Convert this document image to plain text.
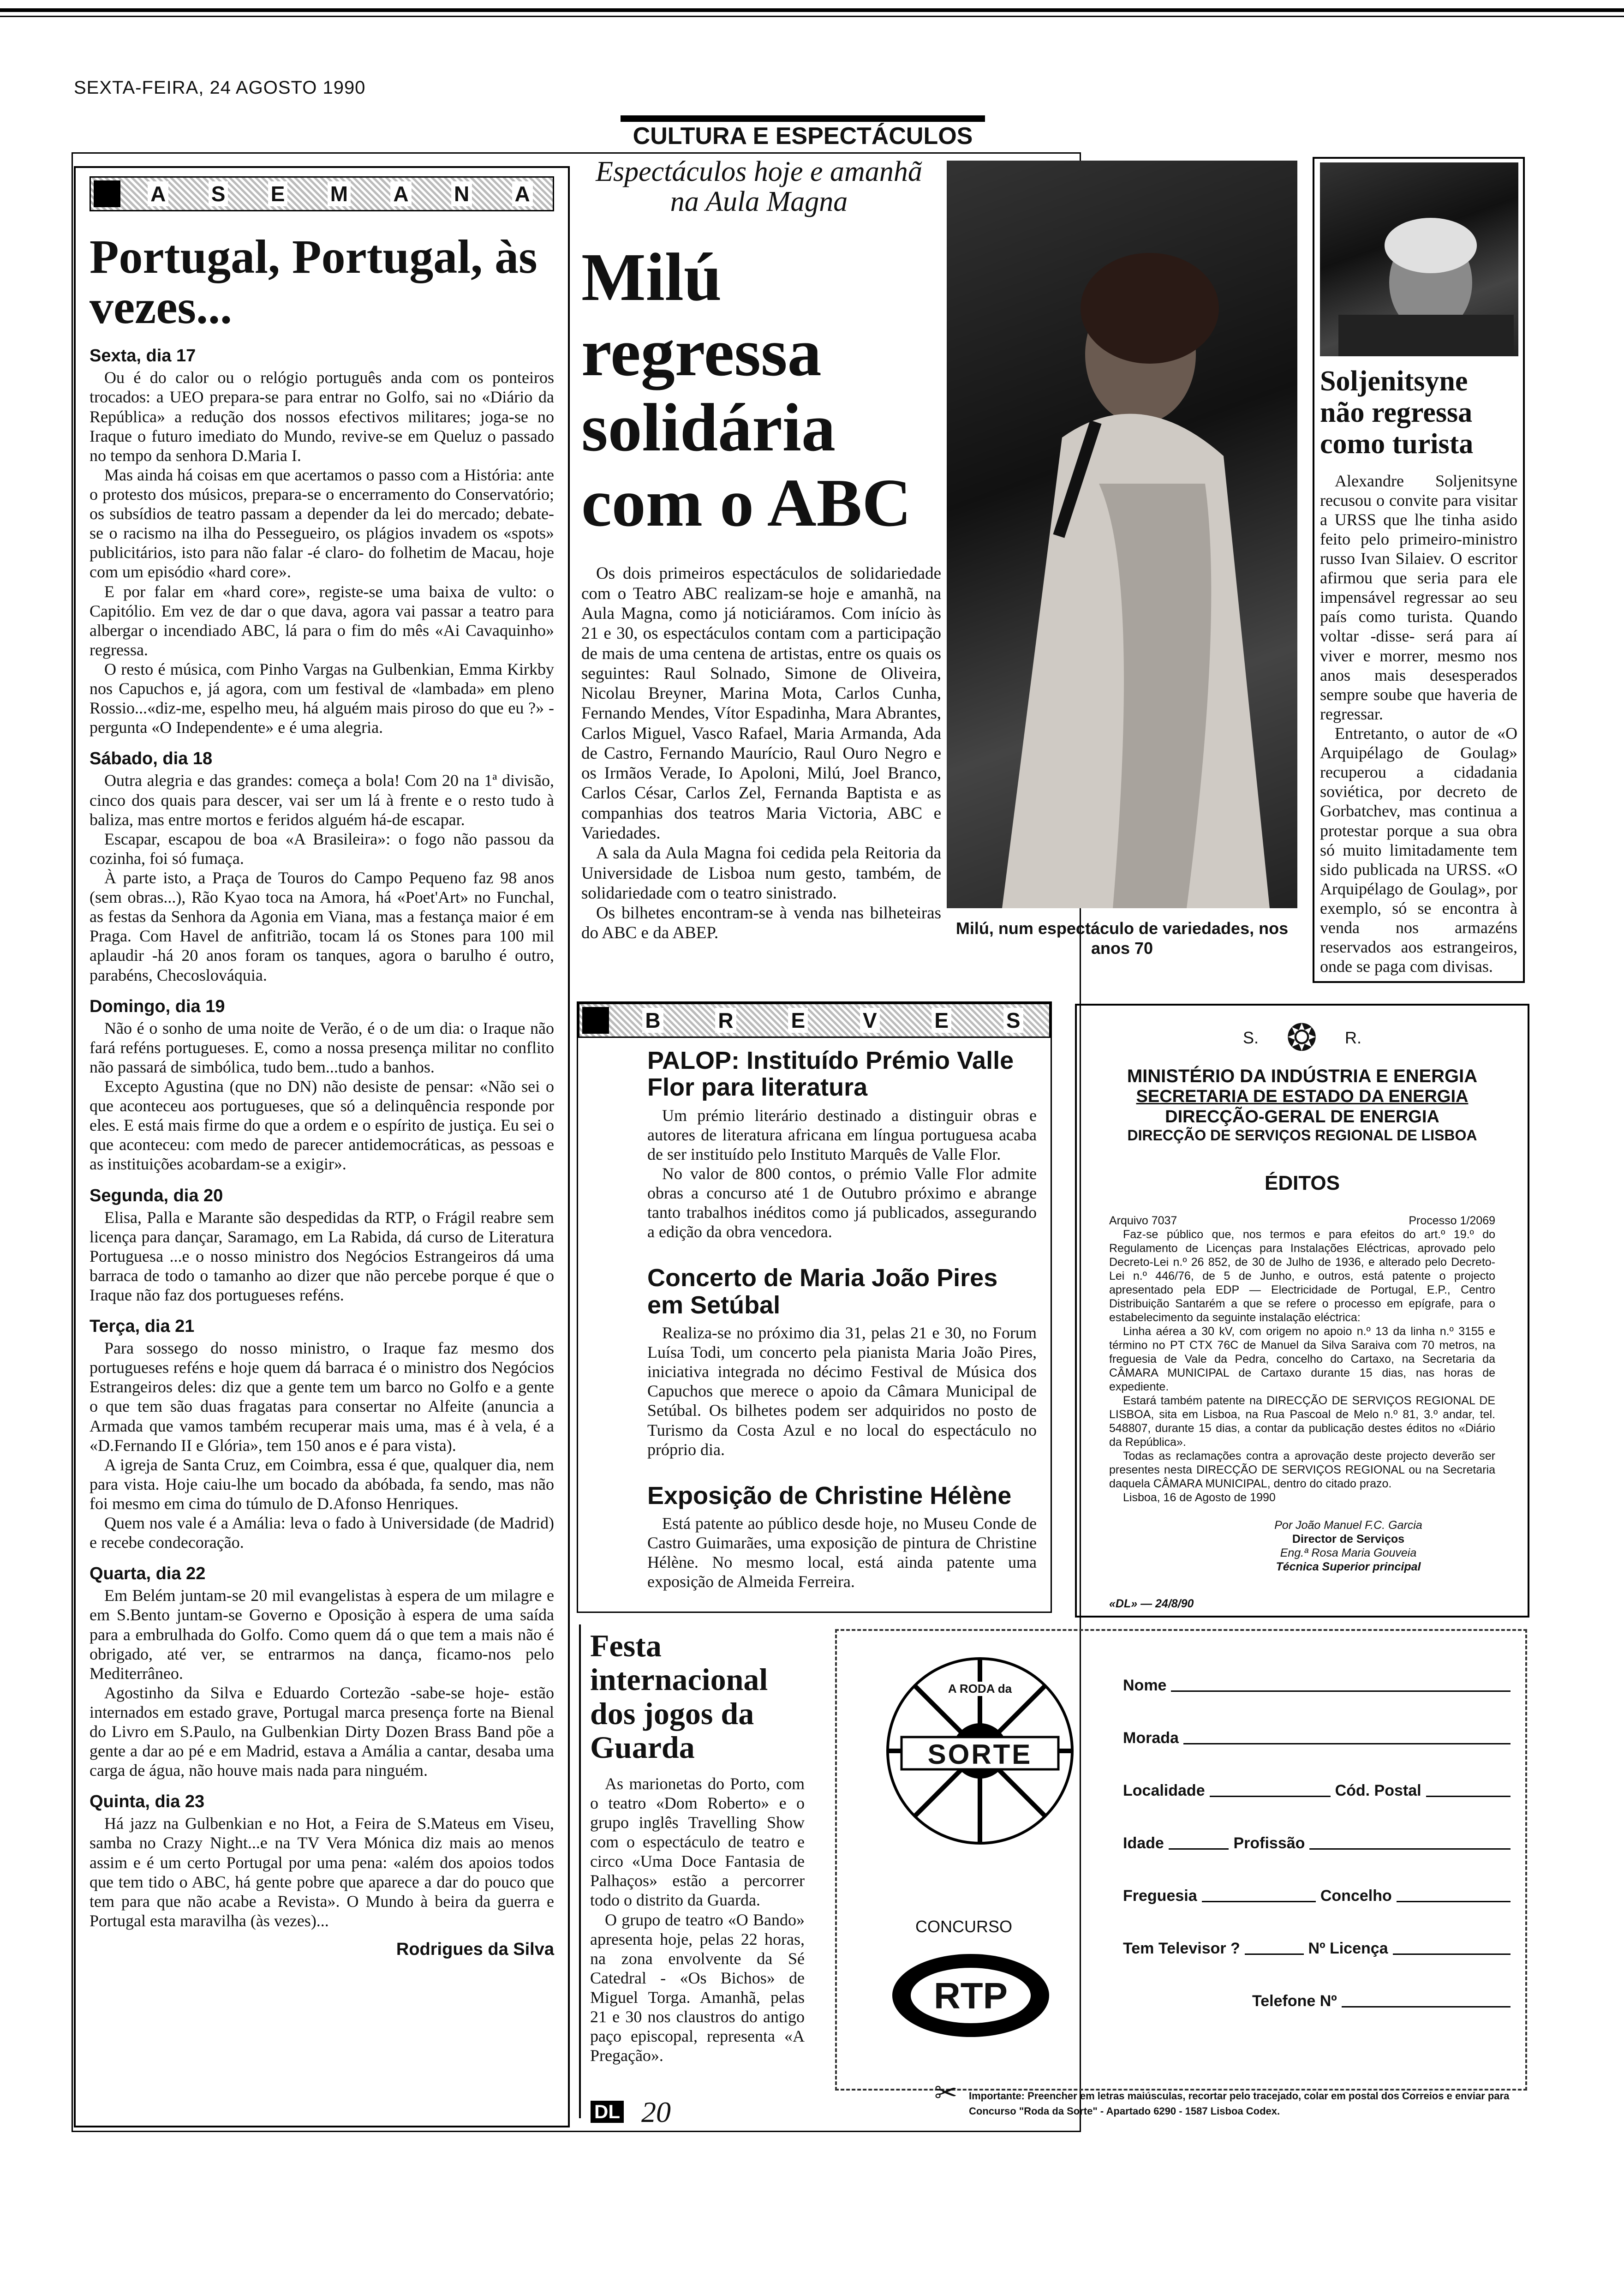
SEXTA-FEIRA, 24 AGOSTO 1990
CULTURA E ESPECTÁCULOS
A S E M A N A
Portugal, Portugal, às vezes...
Sexta, dia 17

Ou é do calor ou o relógio português anda com os ponteiros trocados: a UEO prepara-se para entrar no Golfo, sai no «Diário da República» a redução dos nossos efectivos militares; joga-se no Iraque o futuro imediato do Mundo, revive-se em Queluz o passado no tempo da senhora D.Maria I.

Mas ainda há coisas em que acertamos o passo com a História: ante o protesto dos músicos, prepara-se o encerramento do Conservatório; os subsídios de teatro passam a depender da lei do mercado; debate-se o racismo na ilha do Pessegueiro, os plágios invadem os «spots» publicitários, isto para não falar -é claro- do folhetim de Macau, hoje com um episódio «hard core».

E por falar em «hard core», registe-se uma baixa de vulto: o Capitólio. Em vez de dar o que dava, agora vai passar a teatro para albergar o incendiado ABC, lá para o fim do mês «Ai Cavaquinho» regressa.

O resto é música, com Pinho Vargas na Gulbenkian, Emma Kirkby nos Capuchos e, já agora, com um festival de «lambada» em pleno Rossio...«diz-me, espelho meu, há alguém mais piroso do que eu ?» -pergunta «O Independente» e é uma alegria.

Sábado, dia 18

Outra alegria e das grandes: começa a bola! Com 20 na 1ª divisão, cinco dos quais para descer, vai ser um lá à frente e o resto tudo à baliza, mas entre mortos e feridos alguém há-de escapar.

Escapar, escapou de boa «A Brasileira»: o fogo não passou da cozinha, foi só fumaça.

À parte isto, a Praça de Touros do Campo Pequeno faz 98 anos (sem obras...), Rão Kyao toca na Amora, há «Poet'Art» no Funchal, as festas da Senhora da Agonia em Viana, mas a festança maior é em Praga. Com Havel de anfitrião, tocam lá os Stones para 100 mil aplaudir -há 20 anos foram os tanques, agora o barulho é outro, parabéns, Checoslováquia.

Domingo, dia 19

Não é o sonho de uma noite de Verão, é o de um dia: o Iraque não fará reféns portugueses. E, como a nossa presença militar no conflito não passará de simbólica, tudo bem...tudo a banhos.

Excepto Agustina (que no DN) não desiste de pensar: «Não sei o que aconteceu aos portugueses, que só a delinquência responde por eles. E está mais firme do que a ordem e o espírito de justiça. Eu sei o que aconteceu: com medo de parecer antidemocráticas, as pessoas e as instituições acobardam-se a exigir».

Segunda, dia 20

Elisa, Palla e Marante são despedidas da RTP, o Frágil reabre sem licença para dançar, Saramago, em La Rabida, dá curso de Literatura Portuguesa ...e o nosso ministro dos Negócios Estrangeiros dá uma barraca de todo o tamanho ao dizer que não percebe porque é que o Iraque não faz dos portugueses reféns.

Terça, dia 21

Para sossego do nosso ministro, o Iraque faz mesmo dos portugueses reféns e hoje quem dá barraca é o ministro dos Negócios Estrangeiros deles: diz que a gente tem um barco no Golfo e a gente o que tem são duas fragatas para consertar no Alfeite (anuncia a Armada que vamos também recuperar mais uma, mas é à vela, é a «D.Fernando II e Glória», tem 150 anos e é para vista).

A igreja de Santa Cruz, em Coimbra, essa é que, qualquer dia, nem para vista. Hoje caiu-lhe um bocado da abóbada, fa sendo, mas não foi mesmo em cima do túmulo de D.Afonso Henriques.

Quem nos vale é a Amália: leva o fado à Universidade (de Madrid) e recebe condecoração.

Quarta, dia 22

Em Belém juntam-se 20 mil evangelistas à espera de um milagre e em S.Bento juntam-se Governo e Oposição à espera de uma saída para a embrulhada do Golfo. Como quem dá o que tem a mais não é obrigado, até ver, se entrarmos na dança, ficamo-nos pelo Mediterrâneo.

Agostinho da Silva e Eduardo Cortezão -sabe-se hoje- estão internados em estado grave, Portugal marca presença forte na Bienal do Livro em S.Paulo, na Gulbenkian Dirty Dozen Brass Band põe a gente a dar ao pé e em Madrid, estava a Amália a cantar, desaba uma carga de água, não houve mais nada para ninguém.

Quinta, dia 23

Há jazz na Gulbenkian e no Hot, a Feira de S.Mateus em Viseu, samba no Crazy Night...e na TV Vera Mónica diz mais ao menos assim e é um certo Portugal por uma pena: «além dos apoios todos que tem tido o ABC, há gente pobre que aparece a dar do pouco que tem para que não acabe a Revista». O Mundo à beira da guerra e Portugal esta maravilha (às vezes)...

Rodrigues da Silva
Espectáculos hoje e amanhã na Aula Magna
Milú regressa solidária com o ABC

Os dois primeiros espectáculos de solidariedade com o Teatro ABC realizam-se hoje e amanhã, na Aula Magna, como já noticiáramos. Com início às 21 e 30, os espectáculos contam com a participação de mais de uma centena de artistas, entre os quais os seguintes: Raul Solnado, Simone de Oliveira, Nicolau Breyner, Marina Mota, Carlos Cunha, Fernando Mendes, Vítor Espadinha, Mara Abrantes, Carlos Miguel, Vasco Rafael, Maria Armanda, Ada de Castro, Fernando Maurício, Raul Ouro Negro e os Irmãos Verade, Io Apoloni, Milú, Joel Branco, Carlos César, Carlos Zel, Fernanda Baptista e as companhias dos teatros Maria Victoria, ABC e Variedades.

A sala da Aula Magna foi cedida pela Reitoria da Universidade de Lisboa num gesto, também, de solidariedade com o teatro sinistrado.

Os bilhetes encontram-se à venda nas bilheteiras do ABC e da ABEP.	Milú, num espectáculo de variedades, nos anos 70
Soljenitsyne não regressa como turista

Alexandre Soljenitsyne recusou o convite para visitar a URSS que lhe tinha asido feito pelo primeiro-ministro russo Ivan Silaiev. O escritor afirmou que seria para ele impensável regressar ao seu país como turista. Quando voltar -disse- será para aí viver e morrer, mesmo nos anos mais desesperados sempre soube que haveria de regressar.

Entretanto, o autor de «O Arquipélago de Goulag» recuperou a cidadania soviética, por decreto de Gorbatchev, mas continua a protestar porque a sua obra só muito limitadamente tem sido publicada na URSS. «O Arquipélago de Goulag», por exemplo, só se encontra à venda nos armazéns reservados aos estrangeiros, onde se paga com divisas.

B	R	E	V	E	S
PALOP: Instituído Prémio Valle Flor para literatura

Um prémio literário destinado a distinguir obras e autores de literatura africana em língua portuguesa acaba de ser instituído pelo Instituto Marquês de Valle Flor.

No valor de 800 contos, o prémio Valle Flor admite obras a concurso até 1 de Outubro próximo e abrange tanto trabalhos inéditos como já publicados, assegurando a edição da obra vencedora.

Concerto de Maria João Pires em Setúbal

Realiza-se no próximo dia 31, pelas 21 e 30, no Forum Luísa Todi, um concerto pela pianista Maria João Pires, iniciativa integrada no décimo Festival de Música dos Capuchos que merece o apoio da Câmara Municipal de Setúbal. Os bilhetes podem ser adquiridos no posto de Turismo da Costa Azul e no local do espectáculo no próprio dia.

Exposição de Christine Hélène

Está patente ao público desde hoje, no Museu Conde de Castro Guimarães, uma exposição de pintura de Christine Hélène. No mesmo local, está ainda patente uma exposição de Almeida Ferreira.

S. ❂ R.
MINISTÉRIO DA INDÚSTRIA E ENERGIA
SECRETARIA DE ESTADO DA ENERGIA
DIRECÇÃO-GERAL DE ENERGIA
DIRECÇÃO DE SERVIÇOS REGIONAL DE LISBOA
ÉDITOS
Arquivo 7037	Processo 1/2069

Faz-se público que, nos termos e para efeitos do art.º 19.º do Regulamento de Licenças para Instalações Eléctricas, aprovado pelo Decreto-Lei n.º 26 852, de 30 de Julho de 1936, e alterado pelo Decreto-Lei n.º 446/76, de 5 de Junho, e outros, está patente o projecto apresentado pela EDP — Electricidade de Portugal, E.P., Centro Distribuição Santarém a que se refere o processo em epígrafe, para o estabelecimento da seguinte instalação eléctrica:

Linha aérea a 30 kV, com origem no apoio n.º 13 da linha n.º 3155 e término no PT CTX 76C de Manuel da Silva Saraiva com 70 metros, na freguesia de Vale da Pedra, concelho do Cartaxo, na Secretaria da CÂMARA MUNICIPAL de Cartaxo durante 15 dias, nas horas de expediente.

Estará também patente na DIRECÇÃO DE SERVIÇOS REGIONAL DE LISBOA, sita em Lisboa, na Rua Pascoal de Melo n.º 81, 3.º andar, tel. 548807, durante 15 dias, a contar da publicação destes éditos no «Diário da República».

Todas as reclamações contra a aprovação deste projecto deverão ser presentes nesta DIRECÇÃO DE SERVIÇOS REGIONAL ou na Secretaria daquela CÂMARA MUNICIPAL, dentro do citado prazo.

Lisboa, 16 de Agosto de 1990
Por João Manuel F.C. Garcia
Director de Serviços
Eng.ª Rosa Maria Gouveia
Técnica Superior principal
«DL» — 24/8/90
Festa internacional dos jogos da Guarda

As marionetas do Porto, com o teatro «Dom Roberto» e o grupo inglês Travelling Show com o espectáculo de teatro e circo «Uma Doce Fantasia de Palhaços» estão a percorrer todo o distrito da Guarda.

O grupo de teatro «O Bando» apresenta hoje, pelas 22 horas, na zona envolvente da Sé Catedral - «Os Bichos» de Miguel Torga. Amanhã, pelas 21 e 30 nos claustros do antigo paço episcopal, representa «A Pregação».

A RODA da
SORTE
CONCURSO
RTP
Nome
Morada
Localidade	Cód. Postal
Idade	Profissão
Freguesia	Concelho
Tem Televisor ?	Nº Licença
Telefone Nº
✂ Importante: Preencher em letras maiúsculas, recortar pelo tracejado, colar em postal dos Correios e enviar para Concurso "Roda da Sorte" - Apartado 6290 - 1587 Lisboa Codex.
DL 20
